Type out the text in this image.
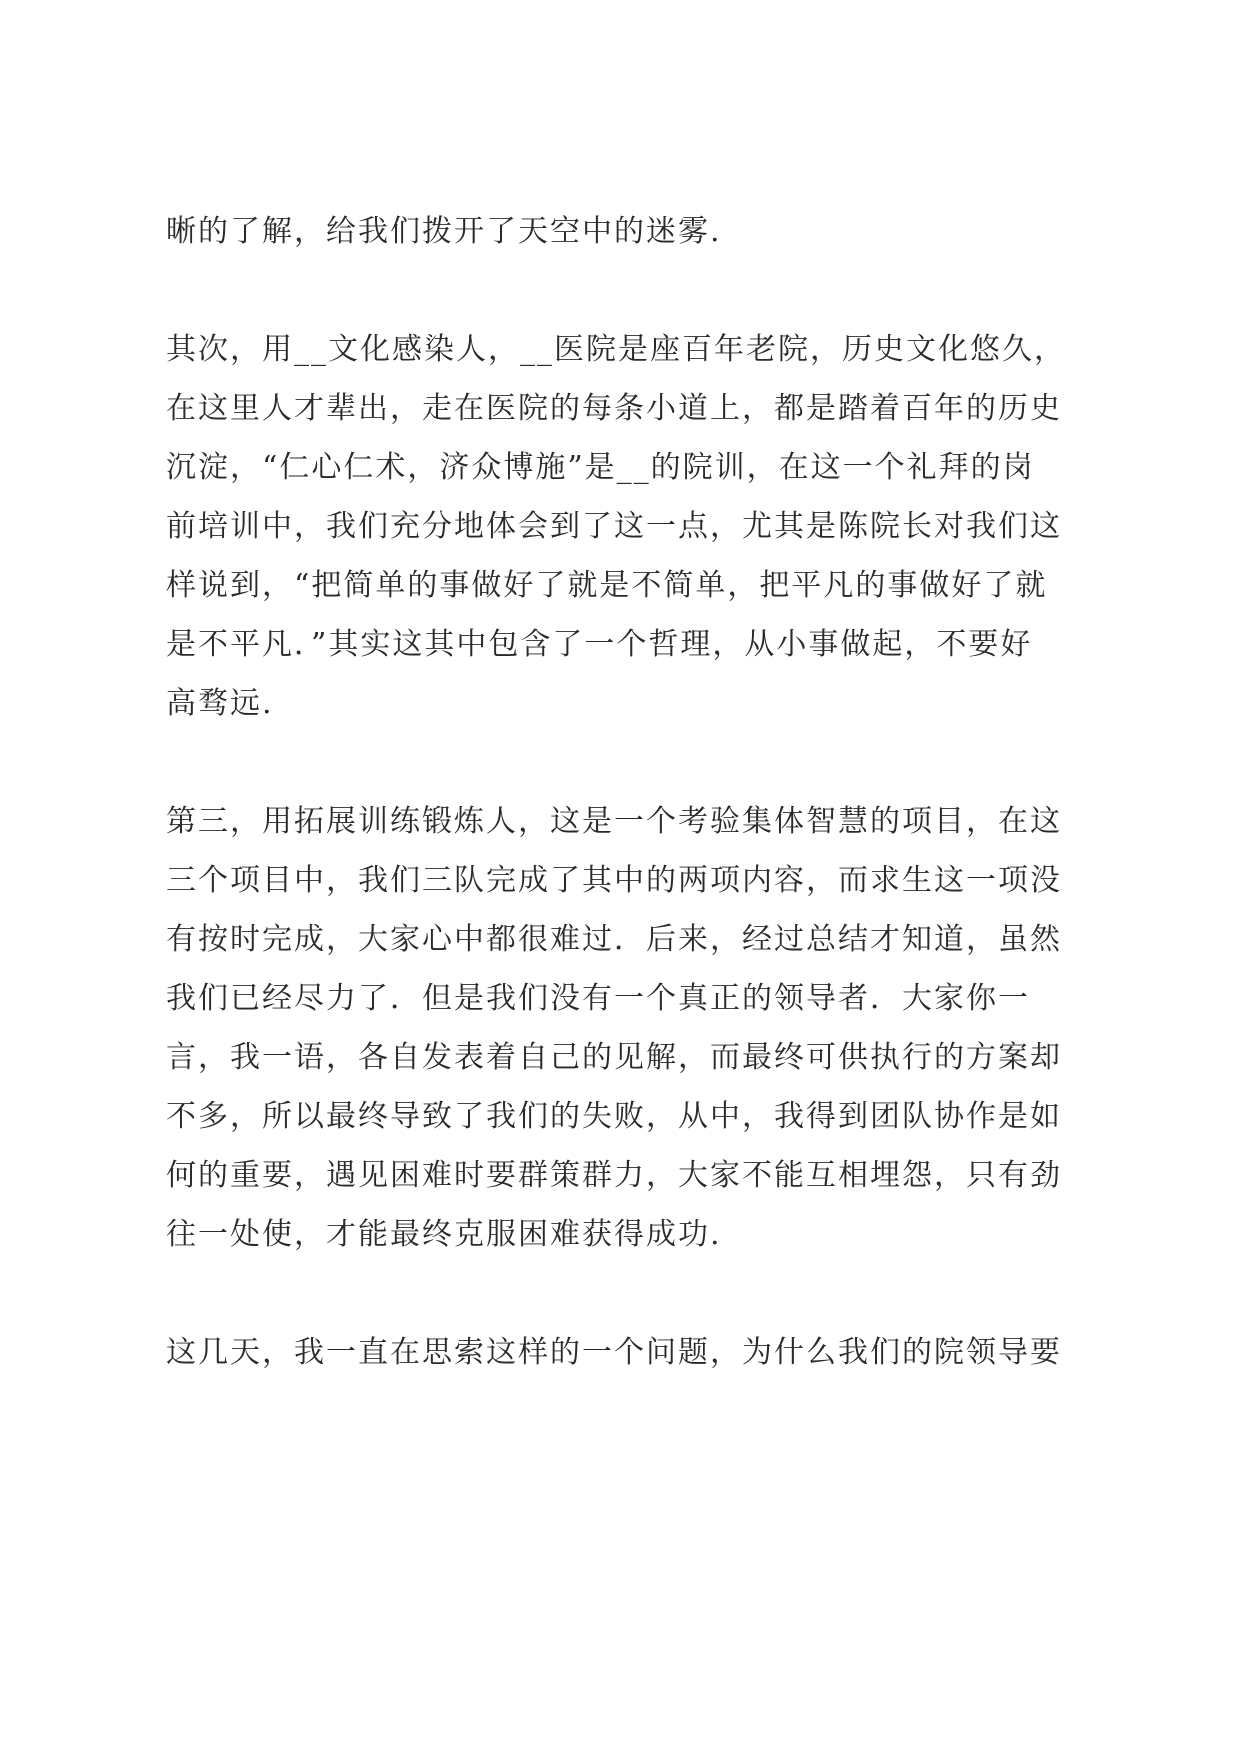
晰的了解，给我们拨开了天空中的迷雾.

其次，用__文化感染人，__医院是座百年老院，历史文化悠久，
在这里人才辈出，走在医院的每条小道上，都是踏着百年的历史
沉淀，“仁心仁术，济众博施”是__的院训，在这一个礼拜的岗
前培训中，我们充分地体会到了这一点，尤其是陈院长对我们这
样说到，“把简单的事做好了就是不简单，把平凡的事做好了就
是不平凡．”其实这其中包含了一个哲理，从小事做起，不要好
高骛远.

第三，用拓展训练锻炼人，这是一个考验集体智慧的项目，在这
三个项目中，我们三队完成了其中的两项内容，而求生这一项没
有按时完成，大家心中都很难过．后来，经过总结才知道，虽然
我们已经尽力了．但是我们没有一个真正的领导者．大家你一
言，我一语，各自发表着自己的见解，而最终可供执行的方案却
不多，所以最终导致了我们的失败，从中，我得到团队协作是如
何的重要，遇见困难时要群策群力，大家不能互相埋怨，只有劲
往一处使，才能最终克服困难获得成功.

这几天，我一直在思索这样的一个问题，为什么我们的院领导要
